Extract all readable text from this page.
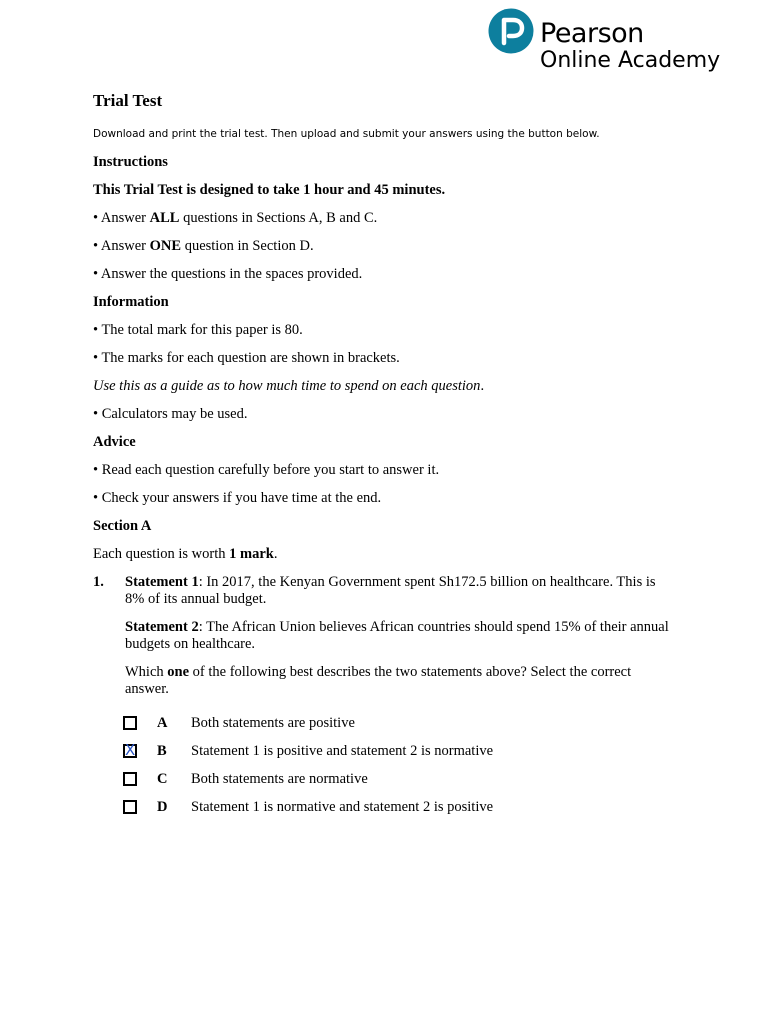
Pearson
Online Academy
Trial Test
Download and print the trial test. Then upload and submit your answers using the button below.
Instructions
This Trial Test is designed to take 1 hour and 45 minutes.
• Answer ALL questions in Sections A, B and C.
• Answer ONE question in Section D.
• Answer the questions in the spaces provided.
Information
• The total mark for this paper is 80.
• The marks for each question are shown in brackets.
Use this as a guide as to how much time to spend on each question.
• Calculators may be used.
Advice
• Read each question carefully before you start to answer it.
• Check your answers if you have time at the end.
Section A
Each question is worth 1 mark.
1. Statement 1: In 2017, the Kenyan Government spent Sh172.5 billion on healthcare. This is 8% of its annual budget.
Statement 2: The African Union believes African countries should spend 15% of their annual budgets on healthcare.
Which one of the following best describes the two statements above? Select the correct answer.
A	Both statements are positive
X B	Statement 1 is positive and statement 2 is normative
C	Both statements are normative
D	Statement 1 is normative and statement 2 is positive
